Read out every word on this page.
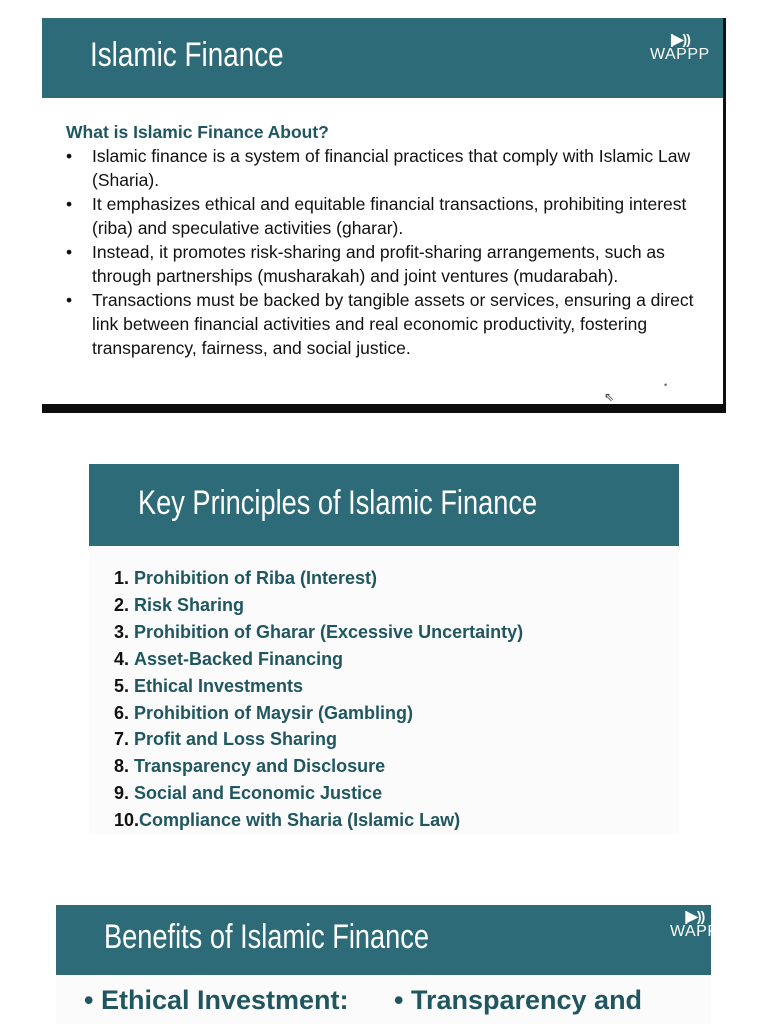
Islamic Finance	|▶))
WAPPP
What is Islamic Finance About?
• Islamic finance is a system of financial practices that comply with Islamic Law (Sharia).
• It emphasizes ethical and equitable financial transactions, prohibiting interest (riba) and speculative activities (gharar).
• Instead, it promotes risk-sharing and profit-sharing arrangements, such as through partnerships (musharakah) and joint ventures (mudarabah).
• Transactions must be backed by tangible assets or services, ensuring a direct link between financial activities and real economic productivity, fostering transparency, fairness, and social justice.
⇖
•
Key Principles of Islamic Finance
1. Prohibition of Riba (Interest)
2. Risk Sharing
3. Prohibition of Gharar (Excessive Uncertainty)
4. Asset-Backed Financing
5. Ethical Investments
6. Prohibition of Maysir (Gambling)
7. Profit and Loss Sharing
8. Transparency and Disclosure
9. Social and Economic Justice
10.Compliance with Sharia (Islamic Law)
Benefits of Islamic Finance
|▶))
WAPP
• Ethical Investment: • Transparency and
